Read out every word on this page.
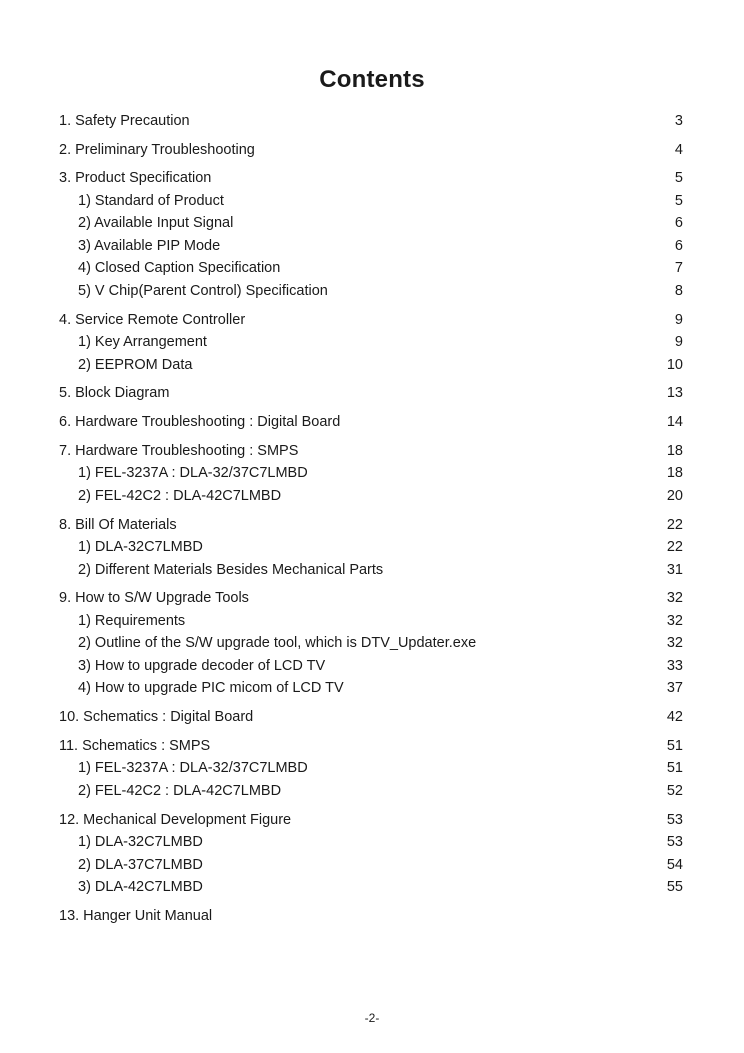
Contents
1. Safety Precaution	3
2. Preliminary Troubleshooting	4
3. Product Specification	5
1) Standard of Product	5
2) Available Input Signal	6
3) Available PIP Mode	6
4) Closed Caption Specification	7
5) V Chip(Parent Control) Specification	8
4. Service Remote Controller	9
1) Key Arrangement	9
2) EEPROM Data	10
5. Block Diagram	13
6. Hardware Troubleshooting : Digital Board	14
7. Hardware Troubleshooting : SMPS	18
1) FEL-3237A : DLA-32/37C7LMBD	18
2) FEL-42C2 : DLA-42C7LMBD	20
8. Bill Of Materials	22
1) DLA-32C7LMBD	22
2) Different Materials Besides Mechanical Parts	31
9. How to S/W Upgrade Tools	32
1) Requirements	32
2) Outline of the S/W upgrade tool, which is DTV_Updater.exe	32
3) How to upgrade decoder of LCD TV	33
4) How to upgrade PIC micom of LCD TV	37
10. Schematics : Digital Board	42
11. Schematics : SMPS	51
1) FEL-3237A : DLA-32/37C7LMBD	51
2) FEL-42C2 : DLA-42C7LMBD	52
12. Mechanical Development Figure	53
1) DLA-32C7LMBD	53
2) DLA-37C7LMBD	54
3) DLA-42C7LMBD	55
13. Hanger Unit Manual
-2-
